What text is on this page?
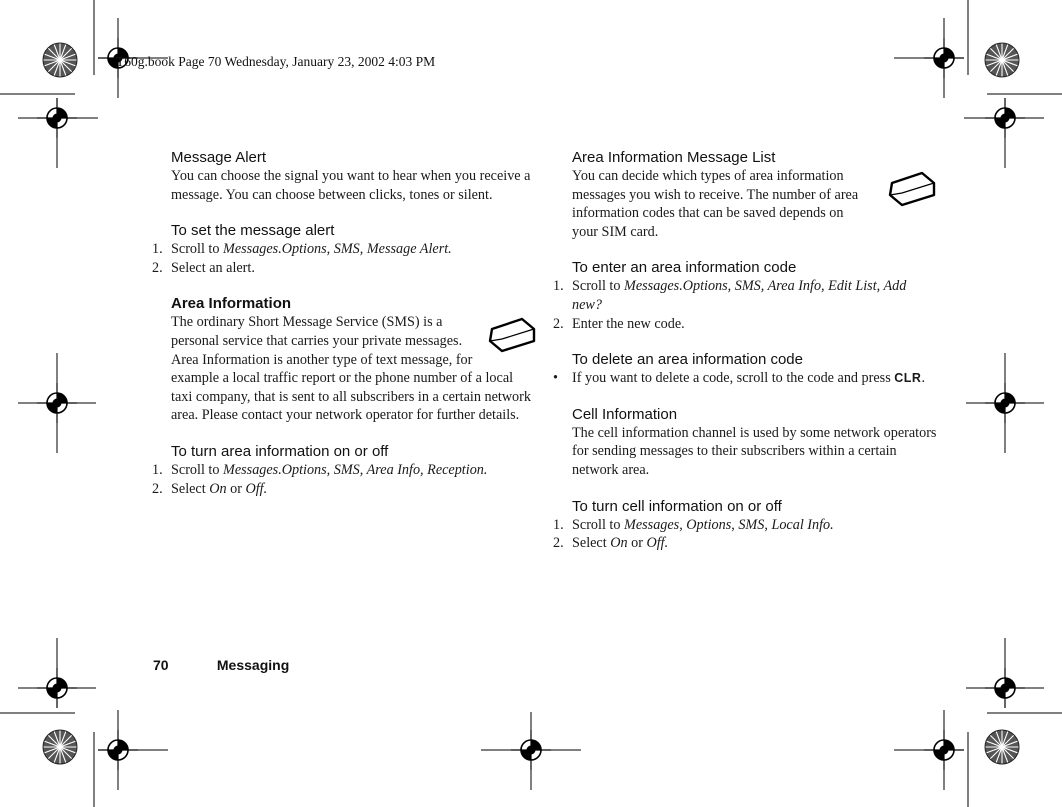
T60g.book Page 70 Wednesday, January 23, 2002 4:03 PM
Message Alert
You can choose the signal you want to hear when you receive a message. You can choose between clicks, tones or silent.
To set the message alert
1. Scroll to Messages.Options, SMS, Message Alert.
2. Select an alert.
Area Information
The ordinary Short Message Service (SMS) is a personal service that carries your private messages. Area Information is another type of text message, for example a local traffic report or the phone number of a local taxi company, that is sent to all subscribers in a certain network area. Please contact your network operator for further details.
To turn area information on or off
1. Scroll to Messages.Options, SMS, Area Info, Reception.
2. Select On or Off.
Area Information Message List
You can decide which types of area information messages you wish to receive. The number of area information codes that can be saved depends on your SIM card.
To enter an area information code
1. Scroll to Messages.Options, SMS, Area Info, Edit List, Add new?
2. Enter the new code.
To delete an area information code
• If you want to delete a code, scroll to the code and press CLR.
Cell Information
The cell information channel is used by some network operators for sending messages to their subscribers within a certain network area.
To turn cell information on or off
1. Scroll to Messages, Options, SMS, Local Info.
2. Select On or Off.
70	Messaging
